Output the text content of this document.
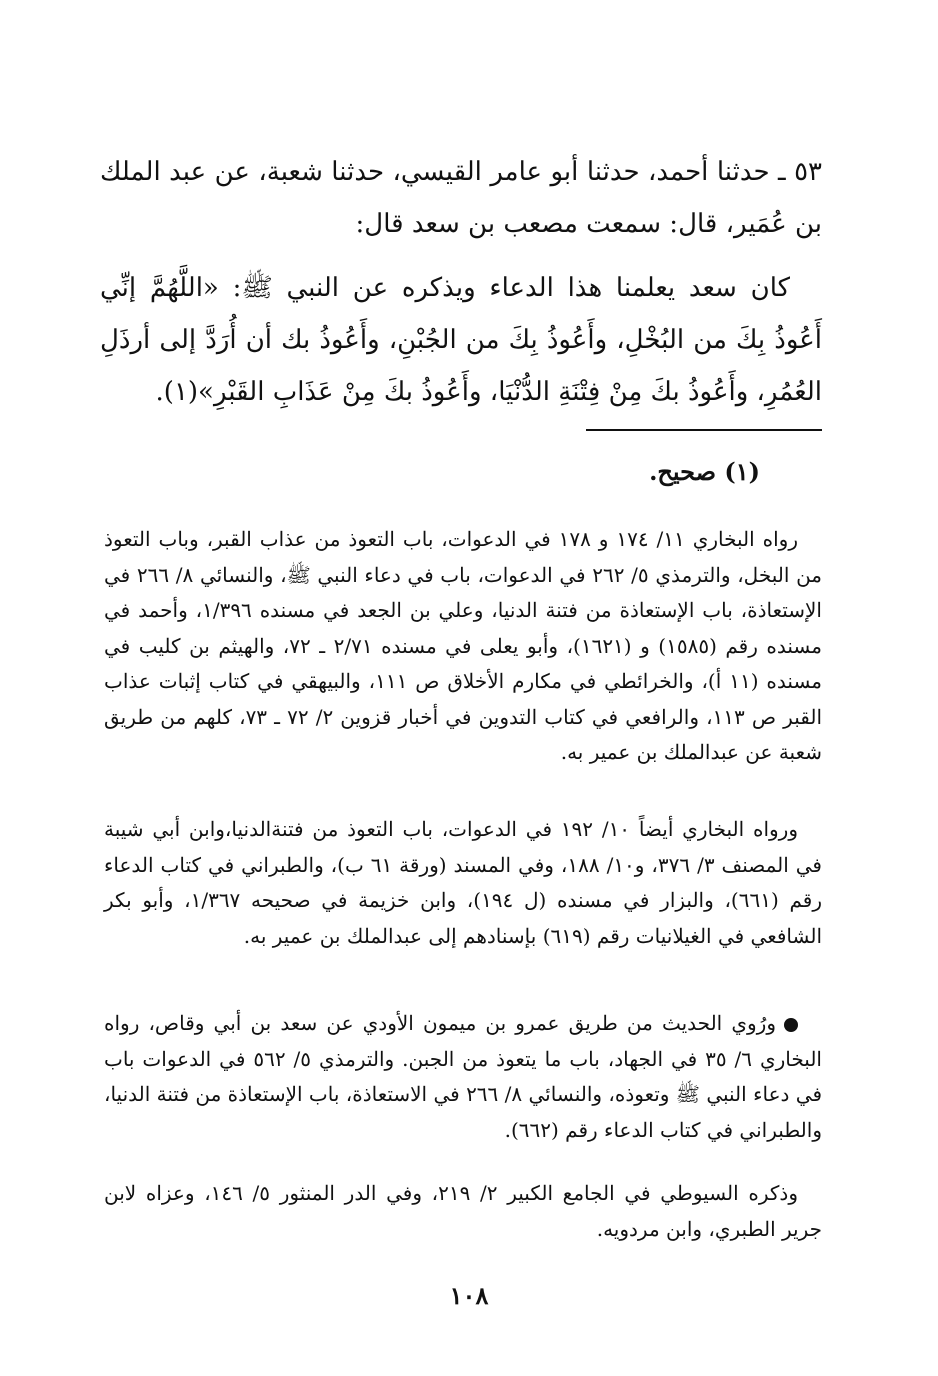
٥٣ ـ حدثنا أحمد، حدثنا أبو عامر القيسي، حدثنا شعبة، عن عبد الملك بن عُمَير، قال: سمعت مصعب بن سعد قال:

كان سعد يعلمنا هذا الدعاء ويذكره عن النبي ﷺ: «اللَّهُمَّ إنِّي أَعُوذُ بِكَ من البُخْلِ، وأَعُوذُ بِكَ من الجُبْنِ، وأَعُوذُ بك أن أُرَدَّ إلى أرذَلِ العُمُرِ، وأَعُوذُ بكَ مِنْ فِتْنَةِ الدُّنْيَا، وأَعُوذُ بكَ مِنْ عَذَابِ القَبْرِ»(١).

(١) صحيح.

رواه البخاري ١١/ ١٧٤ و ١٧٨ في الدعوات، باب التعوذ من عذاب القبر، وباب التعوذ من البخل، والترمذي ٥/ ٢٦٢ في الدعوات، باب في دعاء النبي ﷺ، والنسائي ٨/ ٢٦٦ في الإستعاذة، باب الإستعاذة من فتنة الدنيا، وعلي بن الجعد في مسنده ١/٣٩٦، وأحمد في مسنده رقم (١٥٨٥) و (١٦٢١)، وأبو يعلى في مسنده ٢/٧١ ـ ٧٢، والهيثم بن كليب في مسنده (١١ أ)، والخرائطي في مكارم الأخلاق ص ١١١، والبيهقي في كتاب إثبات عذاب القبر ص ١١٣، والرافعي في كتاب التدوين في أخبار قزوين ٢/ ٧٢ ـ ٧٣، كلهم من طريق شعبة عن عبدالملك بن عمير به.

ورواه البخاري أيضاً ١٠/ ١٩٢ في الدعوات، باب التعوذ من فتنةالدنيا،وابن أبي شيبة في المصنف ٣/ ٣٧٦، و١٠/ ١٨٨، وفي المسند (ورقة ٦١ ب)، والطبراني في كتاب الدعاء رقم (٦٦١)، والبزار في مسنده (ل ١٩٤)، وابن خزيمة في صحيحه ١/٣٦٧، وأبو بكر الشافعي في الغيلانيات رقم (٦١٩) بإسنادهم إلى عبدالملك بن عمير به.

ورُوي الحديث من طريق عمرو بن ميمون الأودي عن سعد بن أبي وقاص، رواه البخاري ٦/ ٣٥ في الجهاد، باب ما يتعوذ من الجبن. والترمذي ٥/ ٥٦٢ في الدعوات باب في دعاء النبي ﷺ وتعوذه، والنسائي ٨/ ٢٦٦ في الاستعاذة، باب الإستعاذة من فتنة الدنيا، والطبراني في كتاب الدعاء رقم (٦٦٢).

وذكره السيوطي في الجامع الكبير ٢/ ٢١٩، وفي الدر المنثور ٥/ ١٤٦، وعزاه لابن جرير الطبري، وابن مردويه.

١٠٨
